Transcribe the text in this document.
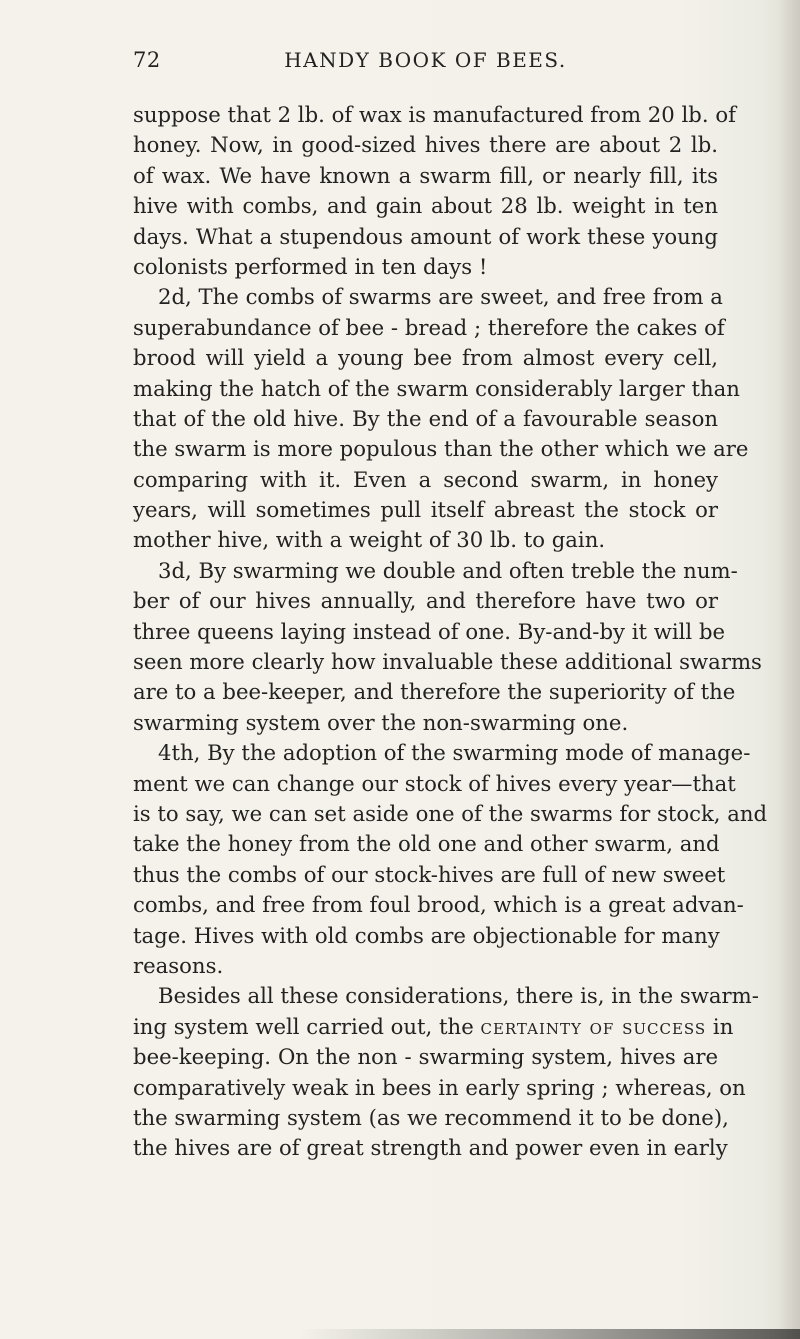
72	HANDY BOOK OF BEES.
suppose that 2 lb. of wax is manufactured from 20 lb. of
honey. Now, in good-sized hives there are about 2 lb.
of wax. We have known a swarm fill, or nearly fill, its
hive with combs, and gain about 28 lb. weight in ten
days. What a stupendous amount of work these young
colonists performed in ten days !
2d, The combs of swarms are sweet, and free from a
superabundance of bee - bread ; therefore the cakes of
brood will yield a young bee from almost every cell,
making the hatch of the swarm considerably larger than
that of the old hive. By the end of a favourable season
the swarm is more populous than the other which we are
comparing with it. Even a second swarm, in honey
years, will sometimes pull itself abreast the stock or
mother hive, with a weight of 30 lb. to gain.
3d, By swarming we double and often treble the num-
ber of our hives annually, and therefore have two or
three queens laying instead of one. By-and-by it will be
seen more clearly how invaluable these additional swarms
are to a bee-keeper, and therefore the superiority of the
swarming system over the non-swarming one.
4th, By the adoption of the swarming mode of manage-
ment we can change our stock of hives every year—that
is to say, we can set aside one of the swarms for stock, and
take the honey from the old one and other swarm, and
thus the combs of our stock-hives are full of new sweet
combs, and free from foul brood, which is a great advan-
tage. Hives with old combs are objectionable for many
reasons.
Besides all these considerations, there is, in the swarm-
ing system well carried out, the certainty of success in
bee-keeping. On the non - swarming system, hives are
comparatively weak in bees in early spring ; whereas, on
the swarming system (as we recommend it to be done),
the hives are of great strength and power even in early
